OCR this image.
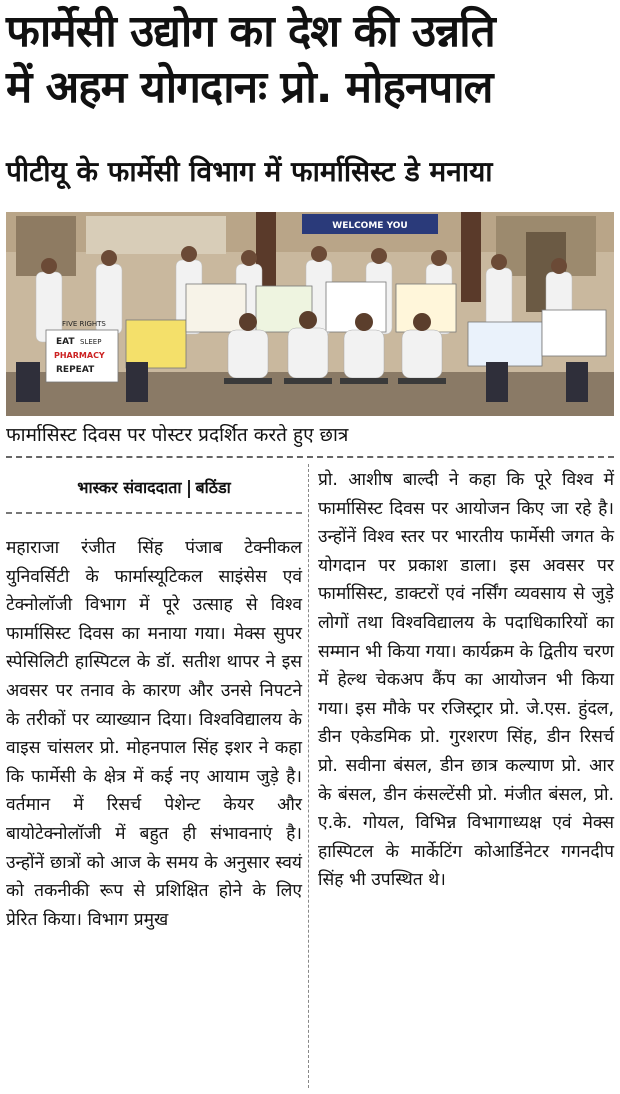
फार्मेसी उद्योग का देश की उन्नति
में अहम योगदानः प्रो. मोहनपाल
पीटीयू के फार्मेसी विभाग में फार्मासिस्ट डे मनाया
WELCOME YOU
EAT SLEEP
PHARMACY
REPEAT
FIVE RIGHTS
फार्मासिस्ट दिवस पर पोस्टर प्रदर्शित करते हुए छात्र
भास्कर संवाददाता बठिंडा

महाराजा रंजीत सिंह पंजाब टेक्नीकल युनिवर्सिटी के फार्मास्यूटिकल साइंसेस एवं टेक्नोलॉजी विभाग में पूरे उत्साह से विश्व फार्मासिस्ट दिवस का मनाया गया। मेक्स सुपर स्पेसिलिटी हास्पिटल के डॉ. सतीश थापर ने इस अवसर पर तनाव के कारण और उनसे निपटने के तरीकों पर व्याख्यान दिया। विश्वविद्यालय के वाइस चांसलर प्रो. मोहनपाल सिंह इशर ने कहा कि फार्मेसी के क्षेत्र में कई नए आयाम जुड़े है। वर्तमान में रिसर्च पेशेन्ट केयर और बायोटेक्नोलॉजी में बहुत ही संभावनाएं है। उन्होंनें छात्रों को आज के समय के अनुसार स्वयं को तकनीकी रूप से प्रशिक्षित होने के लिए प्रेरित किया। विभाग प्रमुख

प्रो. आशीष बाल्दी ने कहा कि पूरे विश्व में फार्मासिस्ट दिवस पर आयोजन किए जा रहे है। उन्होंनें विश्व स्तर पर भारतीय फार्मेसी जगत के योगदान पर प्रकाश डाला। इस अवसर पर फार्मासिस्ट, डाक्टरों एवं नर्सिंग व्यवसाय से जुड़े लोगों तथा विश्वविद्यालय के पदाधिकारियों का सम्मान भी किया गया। कार्यक्रम के द्वितीय चरण में हेल्थ चेकअप कैंप का आयोजन भी किया गया। इस मौके पर रजिस्ट्रार प्रो. जे.एस. हुंदल, डीन एकेडमिक प्रो. गुरशरण सिंह, डीन रिसर्च प्रो. सवीना बंसल, डीन छात्र कल्याण प्रो. आर के बंसल, डीन कंसल्टेंसी प्रो. मंजीत बंसल, प्रो. ए.के. गोयल, विभिन्न विभागाध्यक्ष एवं मेक्स हास्पिटल के मार्केटिंग कोआर्डिनेटर गगनदीप सिंह भी उपस्थित थे।
